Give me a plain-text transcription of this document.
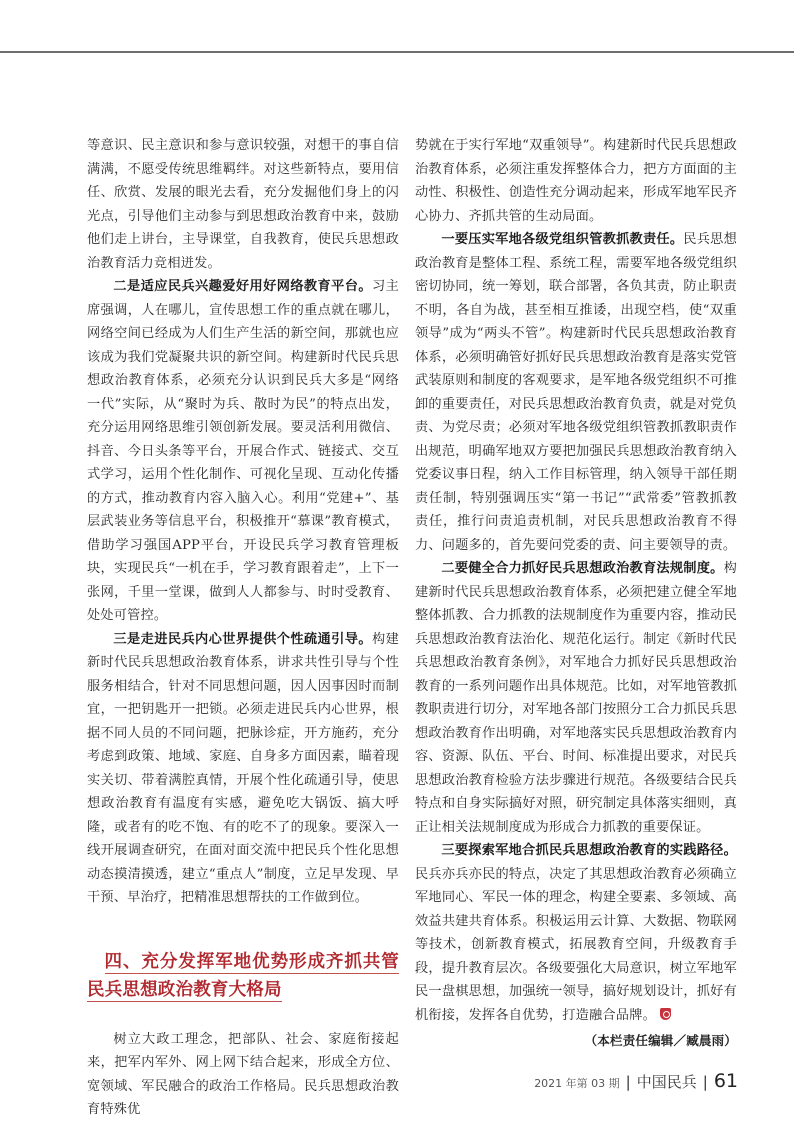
等意识、民主意识和参与意识较强，对想干的事自信满满，不愿受传统思维羁绊。对这些新特点，要用信任、欣赏、发展的眼光去看，充分发掘他们身上的闪光点，引导他们主动参与到思想政治教育中来，鼓励他们走上讲台，主导课堂，自我教育，使民兵思想政治教育活力竞相迸发。

二是适应民兵兴趣爱好用好网络教育平台。习主席强调，人在哪儿，宣传思想工作的重点就在哪儿，网络空间已经成为人们生产生活的新空间，那就也应该成为我们党凝聚共识的新空间。构建新时代民兵思想政治教育体系，必须充分认识到民兵大多是“网络一代”实际，从“聚时为兵、散时为民”的特点出发，充分运用网络思维引领创新发展。要灵活利用微信、抖音、今日头条等平台，开展合作式、链接式、交互式学习，运用个性化制作、可视化呈现、互动化传播的方式，推动教育内容入脑入心。利用“党建+”、基层武装业务等信息平台，积极推开“慕课”教育模式，借助学习强国APP平台，开设民兵学习教育管理板块，实现民兵“一机在手，学习教育跟着走”，上下一张网，千里一堂课，做到人人都参与、时时受教育、处处可管控。

三是走进民兵内心世界提供个性疏通引导。构建新时代民兵思想政治教育体系，讲求共性引导与个性服务相结合，针对不同思想问题，因人因事因时而制宜，一把钥匙开一把锁。必须走进民兵内心世界，根据不同人员的不同问题，把脉诊症，开方施药，充分考虑到政策、地域、家庭、自身多方面因素，瞄着现实关切、带着满腔真情，开展个性化疏通引导，使思想政治教育有温度有实感，避免吃大锅饭、搞大呼隆，或者有的吃不饱、有的吃不了的现象。要深入一线开展调查研究，在面对面交流中把民兵个性化思想动态摸清摸透，建立“重点人”制度，立足早发现、早干预、早治疗，把精准思想帮扶的工作做到位。

四、充分发挥军地优势形成齐抓共管民兵思想政治教育大格局

树立大政工理念，把部队、社会、家庭衔接起来，把军内军外、网上网下结合起来，形成全方位、宽领域、军民融合的政治工作格局。民兵思想政治教育特殊优

势就在于实行军地“双重领导”。构建新时代民兵思想政治教育体系，必须注重发挥整体合力，把方方面面的主动性、积极性、创造性充分调动起来，形成军地军民齐心协力、齐抓共管的生动局面。

一要压实军地各级党组织管教抓教责任。民兵思想政治教育是整体工程、系统工程，需要军地各级党组织密切协同，统一筹划，联合部署，各负其责，防止职责不明，各自为战，甚至相互推诿，出现空档，使“双重领导”成为“两头不管”。构建新时代民兵思想政治教育体系，必须明确管好抓好民兵思想政治教育是落实党管武装原则和制度的客观要求，是军地各级党组织不可推卸的重要责任，对民兵思想政治教育负责，就是对党负责、为党尽责；必须对军地各级党组织管教抓教职责作出规范，明确军地双方要把加强民兵思想政治教育纳入党委议事日程，纳入工作目标管理，纳入领导干部任期责任制，特别强调压实“第一书记”“武常委”管教抓教责任，推行问责追责机制，对民兵思想政治教育不得力、问题多的，首先要问党委的责、问主要领导的责。

二要健全合力抓好民兵思想政治教育法规制度。构建新时代民兵思想政治教育体系，必须把建立健全军地整体抓教、合力抓教的法规制度作为重要内容，推动民兵思想政治教育法治化、规范化运行。制定《新时代民兵思想政治教育条例》，对军地合力抓好民兵思想政治教育的一系列问题作出具体规范。比如，对军地管教抓教职责进行切分，对军地各部门按照分工合力抓民兵思想政治教育作出明确，对军地落实民兵思想政治教育内容、资源、队伍、平台、时间、标准提出要求，对民兵思想政治教育检验方法步骤进行规范。各级要结合民兵特点和自身实际搞好对照，研究制定具体落实细则，真正让相关法规制度成为形成合力抓教的重要保证。

三要探索军地合抓民兵思想政治教育的实践路径。民兵亦兵亦民的特点，决定了其思想政治教育必须确立军地同心、军民一体的理念，构建全要素、多领域、高效益共建共育体系。积极运用云计算、大数据、物联网等技术，创新教育模式，拓展教育空间，升级教育手段，提升教育层次。各级要强化大局意识，树立军地军民一盘棋思想，加强统一领导，搞好规划设计，抓好有机衔接，发挥各自优势，打造融合品牌。

（本栏责任编辑／臧晨雨）
2021 年第 03 期 | 中国民兵 | 61
